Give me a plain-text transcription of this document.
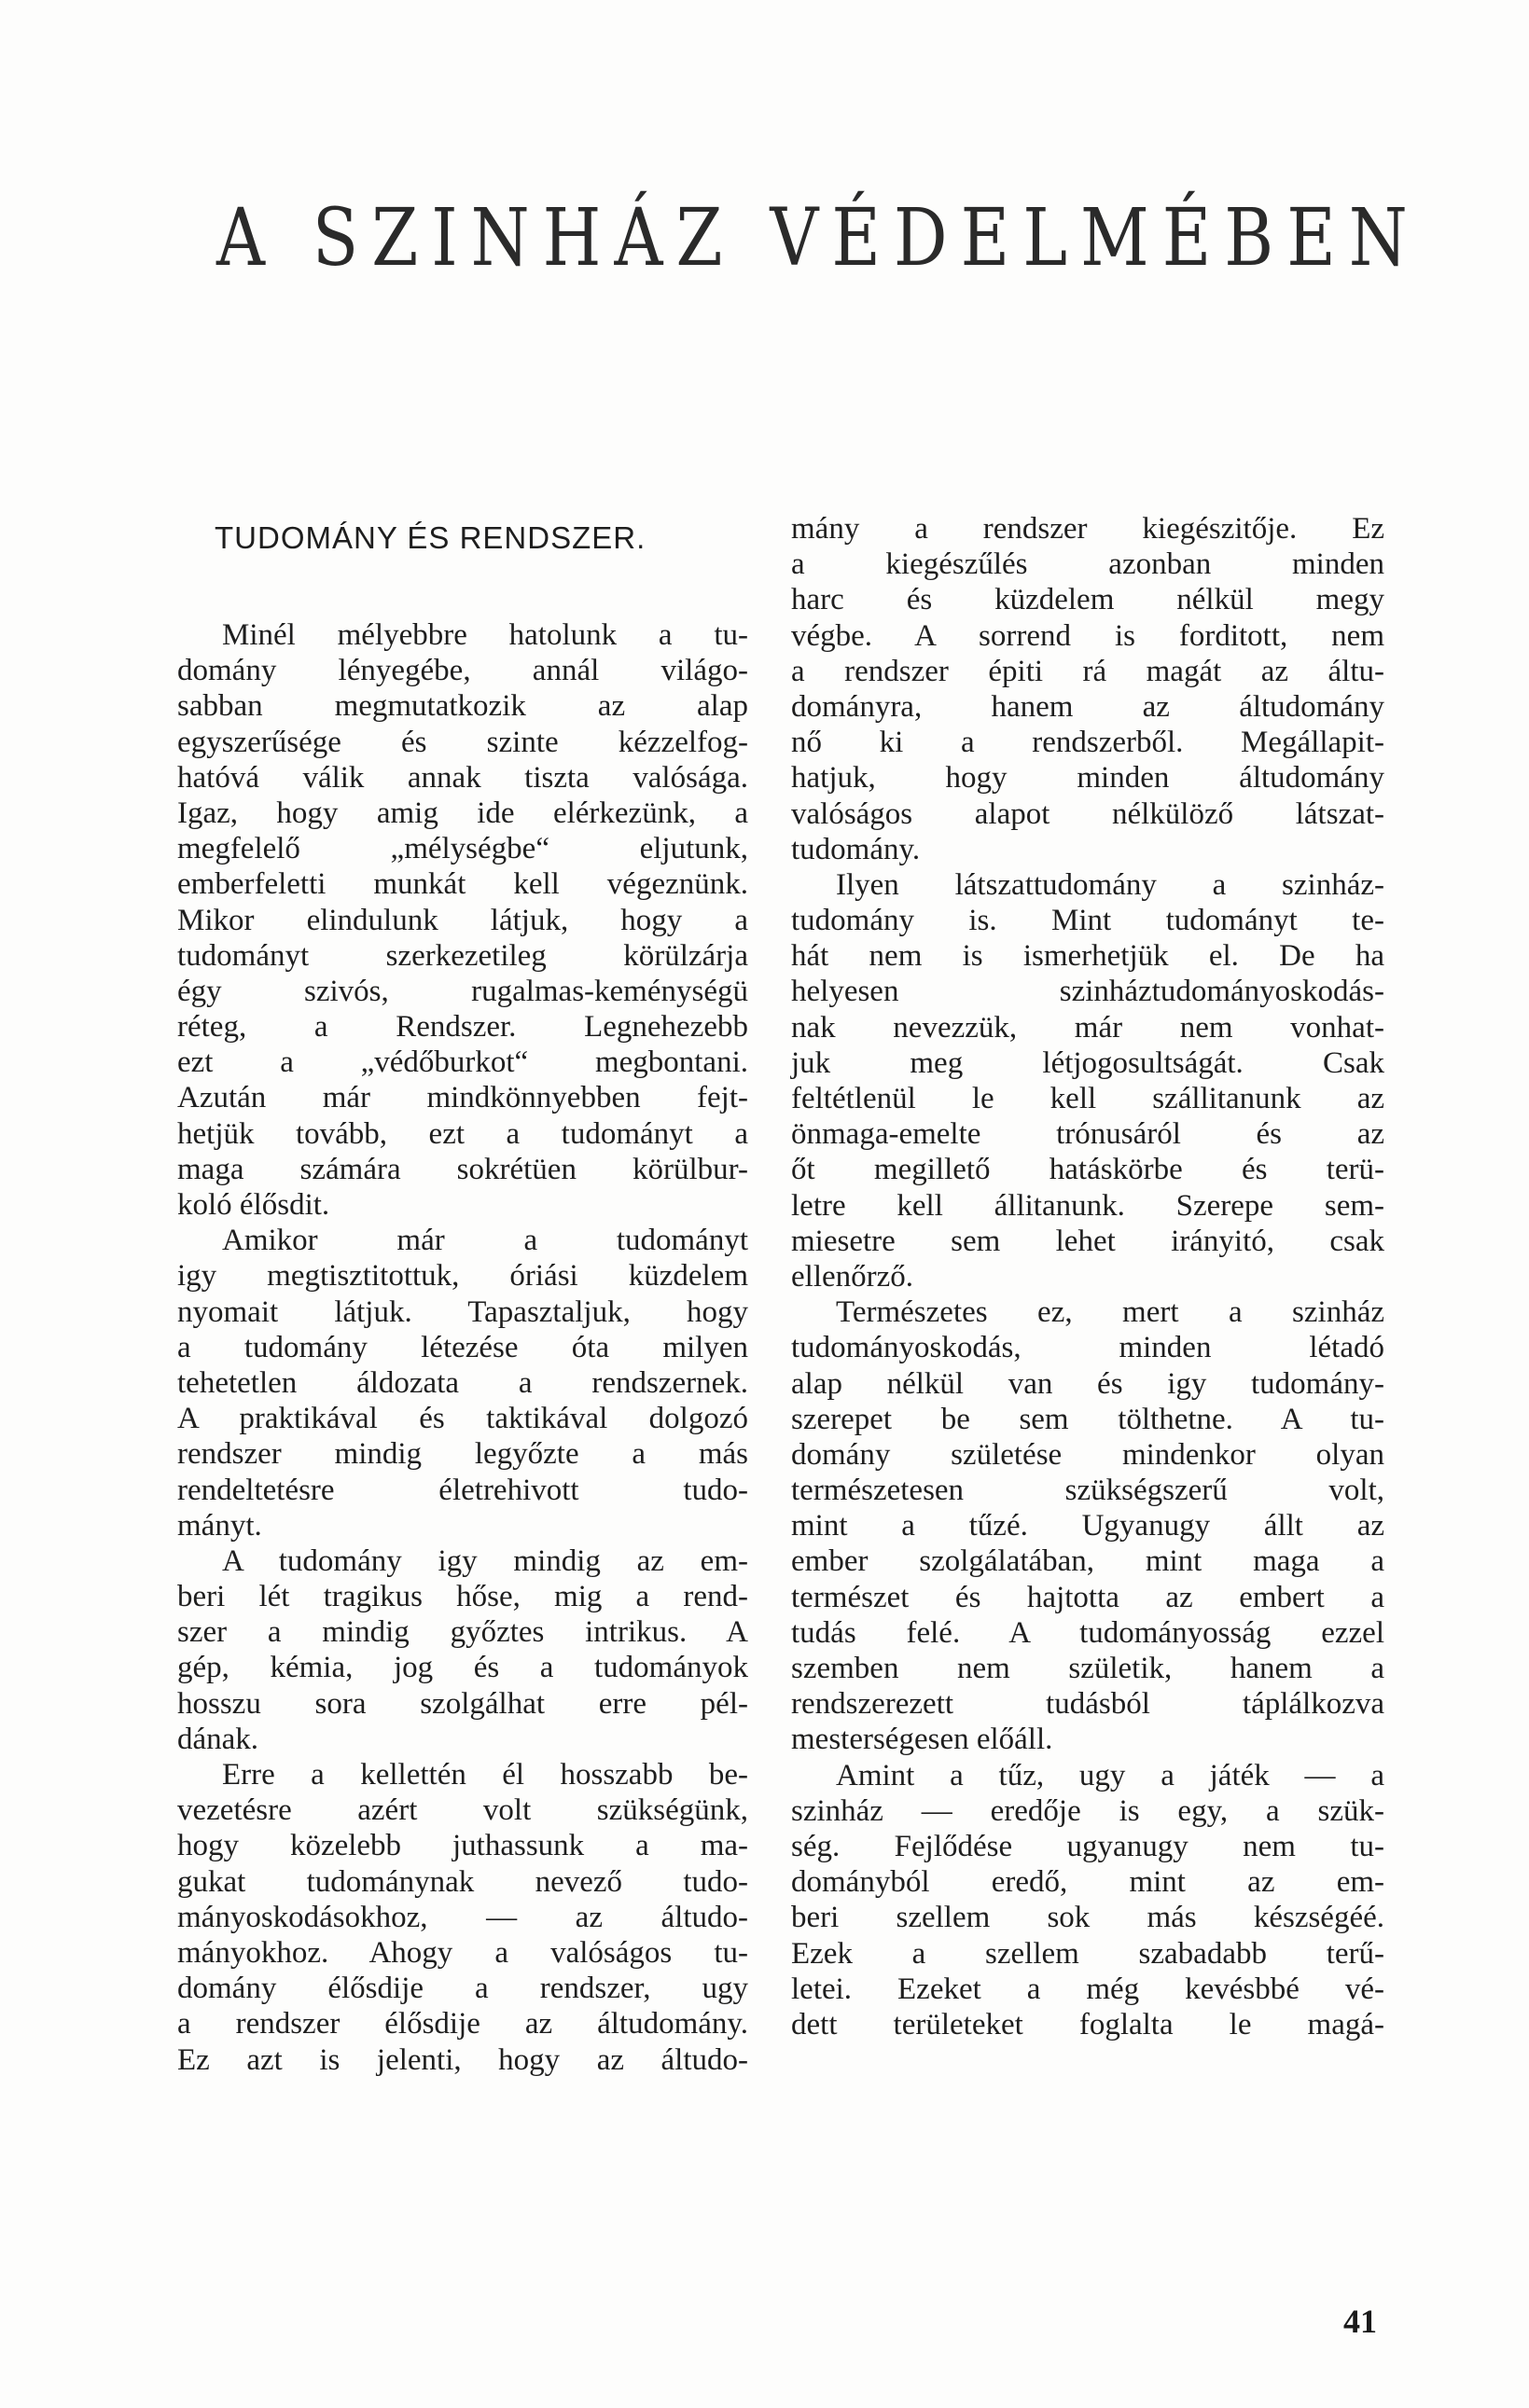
A SZINHÁZ VÉDELMÉBEN
TUDOMÁNY ÉS RENDSZER.
Minél mélyebbre hatolunk a tu-
domány lényegébe, annál világo-
sabban megmutatkozik az alap
egyszerűsége és szinte kézzelfog-
hatóvá válik annak tiszta valósága.
Igaz, hogy amig ide elérkezünk, a
megfelelő „mélységbe“ eljutunk,
emberfeletti munkát kell végeznünk.
Mikor elindulunk látjuk, hogy a
tudományt szerkezetileg körülzárja
égy szivós, rugalmas-keménységü
réteg, a Rendszer. Legnehezebb
ezt a „védőburkot“ megbontani.
Azután már mindkönnyebben fejt-
hetjük tovább, ezt a tudományt a
maga számára sokrétüen körülbur-
koló élősdit.
Amikor már a tudományt
igy megtisztitottuk, óriási küzdelem
nyomait látjuk. Tapasztaljuk, hogy
a tudomány létezése óta milyen
tehetetlen áldozata a rendszernek.
A praktikával és taktikával dolgozó
rendszer mindig legyőzte a más
rendeltetésre életrehivott tudo-
mányt.
A tudomány igy mindig az em-
beri lét tragikus hőse, mig a rend-
szer a mindig győztes intrikus. A
gép, kémia, jog és a tudományok
hosszu sora szolgálhat erre pél-
dának.
Erre a kellettén él hosszabb be-
vezetésre azért volt szükségünk,
hogy közelebb juthassunk a ma-
gukat tudománynak nevező tudo-
mányoskodásokhoz, — az áltudo-
mányokhoz. Ahogy a valóságos tu-
domány élősdije a rendszer, ugy
a rendszer élősdije az áltudomány.
Ez azt is jelenti, hogy az áltudo-
mány a rendszer kiegészitője. Ez
a kiegészűlés azonban minden
harc és küzdelem nélkül megy
végbe. A sorrend is forditott, nem
a rendszer épiti rá magát az áltu-
dományra, hanem az áltudomány
nő ki a rendszerből. Megállapit-
hatjuk, hogy minden áltudomány
valóságos alapot nélkülöző látszat-
tudomány.
Ilyen látszattudomány a szinház-
tudomány is. Mint tudományt te-
hát nem is ismerhetjük el. De ha
helyesen szinháztudományoskodás-
nak nevezzük, már nem vonhat-
juk meg létjogosultságát. Csak
feltétlenül le kell szállitanunk az
önmaga-emelte trónusáról és az
őt megillető hatáskörbe és terü-
letre kell állitanunk. Szerepe sem-
miesetre sem lehet irányitó, csak
ellenőrző.
Természetes ez, mert a szinház
tudományoskodás, minden létadó
alap nélkül van és igy tudomány-
szerepet be sem tölthetne. A tu-
domány születése mindenkor olyan
természetesen szükségszerű volt,
mint a tűzé. Ugyanugy állt az
ember szolgálatában, mint maga a
természet és hajtotta az embert a
tudás felé. A tudományosság ezzel
szemben nem születik, hanem a
rendszerezett tudásból táplálkozva
mesterségesen előáll.
Amint a tűz, ugy a játék — a
szinház — eredője is egy, a szük-
ség. Fejlődése ugyanugy nem tu-
dományból eredő, mint az em-
beri szellem sok más készségéé.
Ezek a szellem szabadabb terű-
letei. Ezeket a még kevésbbé vé-
dett területeket foglalta le magá-
41
